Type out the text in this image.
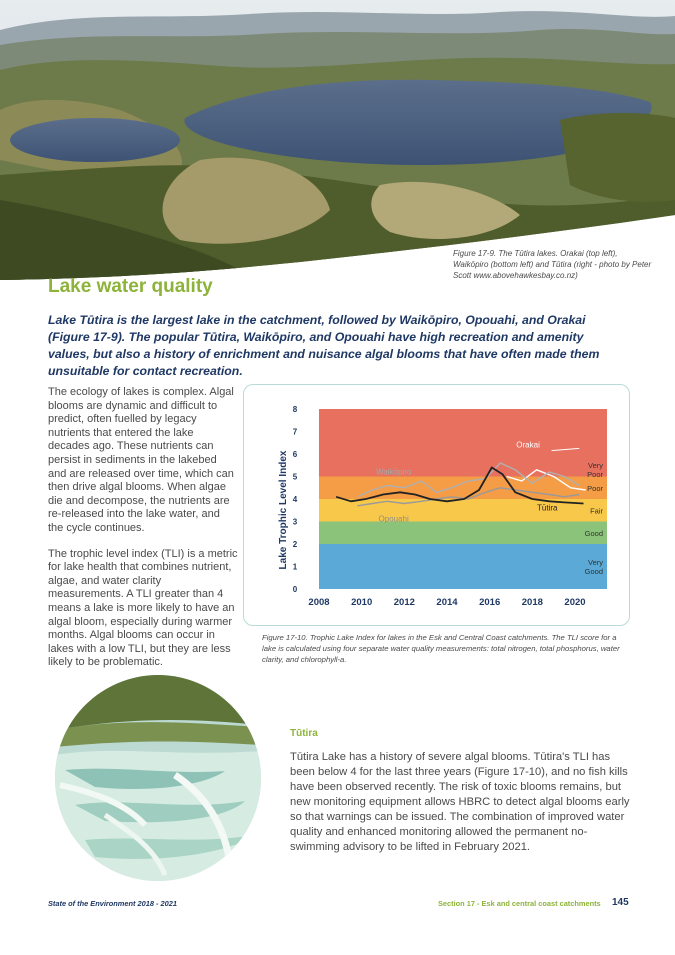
Figure 17-9. The Tūtira lakes. Orakai (top left), Waikōpiro (bottom left) and Tūtira (right - photo by Peter Scott www.abovehawkesbay.co.nz)
Lake water quality

Lake Tūtira is the largest lake in the catchment, followed by Waikōpiro, Opouahi, and Orakai (Figure 17-9). The popular Tūtira, Waikōpiro, and Opouahi have high recreation and amenity values, but also a history of enrichment and nuisance algal blooms that have often made them unsuitable for contact recreation.

The ecology of lakes is complex. Algal blooms are dynamic and difficult to predict, often fuelled by legacy nutrients that entered the lake decades ago. These nutrients can persist in sediments in the lakebed and are released over time, which can then drive algal blooms. When algae die and decompose, the nutrients are re-released into the lake water, and the cycle continues.

The trophic level index (TLI) is a metric for lake health that combines nutrient, algae, and water clarity measurements. A TLI greater than 4 means a lake is more likely to have an algal bloom, especially during warmer months. Algal blooms can occur in lakes with a low TLI, but they are less likely to be problematic.

Very Good
Good
Fair
Poor
Very Poor
Orakai
Waikōpiro
Opouahi
Tūtira
0
1
2
3
4
5
6
7
8
2008 2010 2012 2014 2016 2018 2020
Lake Trophic Level Index
Figure 17-10. Trophic Lake Index for lakes in the Esk and Central Coast catchments. The TLI score for a lake is calculated using four separate water quality measurements: total nitrogen, total phosphorus, water clarity, and chlorophyll-a.
Tūtira

Tūtira Lake has a history of severe algal blooms. Tūtira's TLI has been below 4 for the last three years (Figure 17-10), and no fish kills have been observed recently. The risk of toxic blooms remains, but new monitoring equipment allows HBRC to detect algal blooms early so that warnings can be issued. The combination of improved water quality and enhanced monitoring allowed the permanent no-swimming advisory to be lifted in February 2021.

State of the Environment 2018 - 2021	Section 17 - Esk and central coast catchments 145
